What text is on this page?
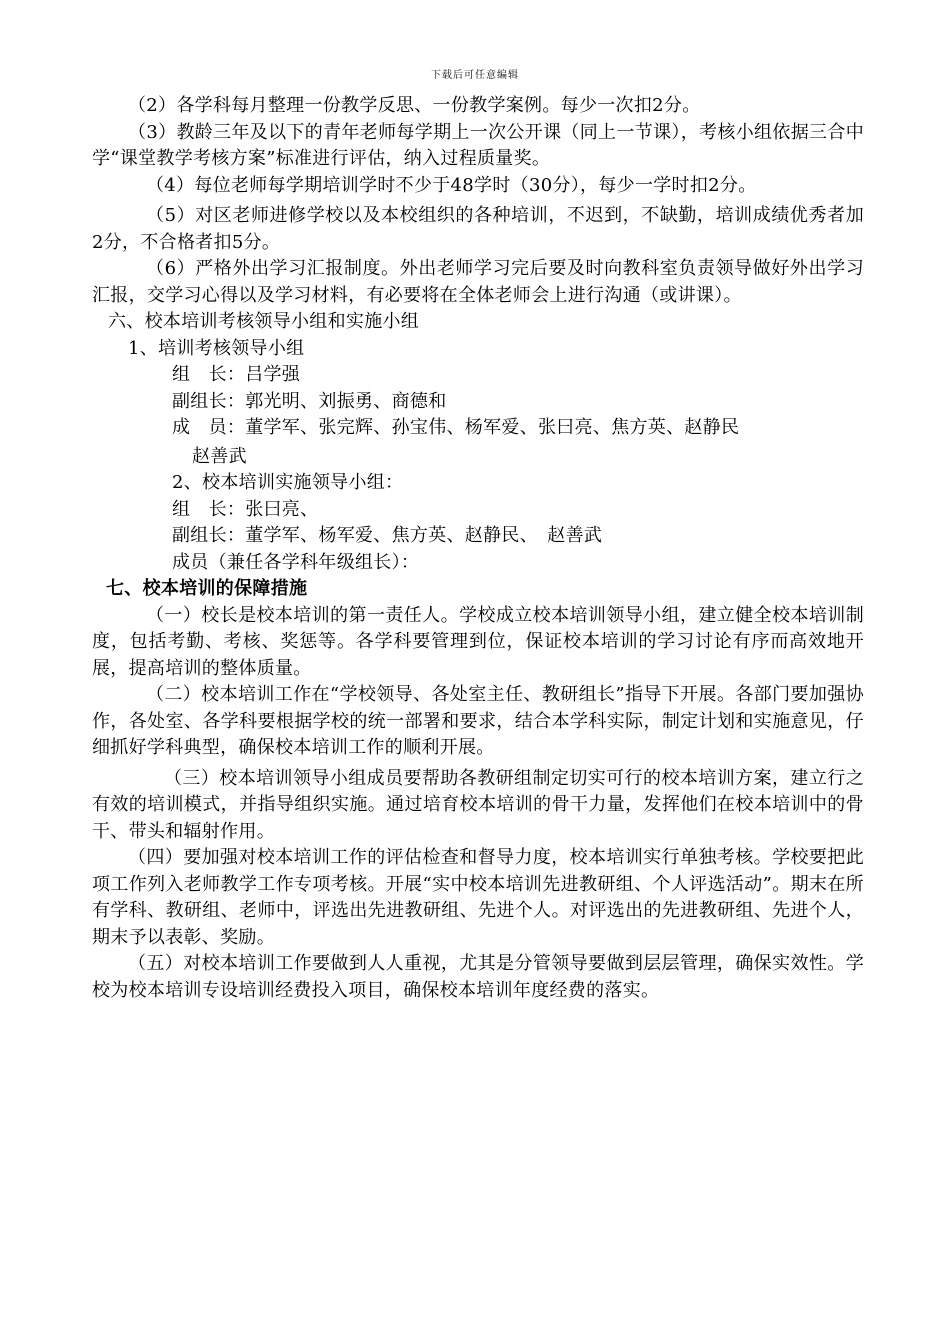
下载后可任意编辑

（2）各学科每月整理一份教学反思、一份教学案例。每少一次扣2分。

（3）教龄三年及以下的青年老师每学期上一次公开课（同上一节课），考核小组依据三合中学“课堂教学考核方案”标准进行评估，纳入过程质量奖。

（4）每位老师每学期培训学时不少于48学时（30分），每少一学时扣2分。

（5）对区老师进修学校以及本校组织的各种培训，不迟到，不缺勤，培训成绩优秀者加2分，不合格者扣5分。

（6）严格外出学习汇报制度。外出老师学习完后要及时向教科室负责领导做好外出学习汇报，交学习心得以及学习材料，有必要将在全体老师会上进行沟通（或讲课）。

六、校本培训考核领导小组和实施小组

1、培训考核领导小组

组　长：吕学强

副组长：郭光明、刘振勇、商德和

成　员：董学军、张完辉、孙宝伟、杨军爱、张曰亮、焦方英、赵静民

赵善武

2、校本培训实施领导小组：

组　长：张曰亮、

副组长：董学军、杨军爱、焦方英、赵静民、　赵善武

成员（兼任各学科年级组长）：

七、校本培训的保障措施

（一）校长是校本培训的第一责任人。学校成立校本培训领导小组，建立健全校本培训制度，包括考勤、考核、奖惩等。各学科要管理到位，保证校本培训的学习讨论有序而高效地开展，提高培训的整体质量。

（二）校本培训工作在“学校领导、各处室主任、教研组长”指导下开展。各部门要加强协作，各处室、各学科要根据学校的统一部署和要求，结合本学科实际，制定计划和实施意见，仔细抓好学科典型，确保校本培训工作的顺利开展。

（三）校本培训领导小组成员要帮助各教研组制定切实可行的校本培训方案，建立行之有效的培训模式，并指导组织实施。通过培育校本培训的骨干力量，发挥他们在校本培训中的骨干、带头和辐射作用。

（四）要加强对校本培训工作的评估检查和督导力度，校本培训实行单独考核。学校要把此项工作列入老师教学工作专项考核。开展“实中校本培训先进教研组、个人评选活动”。期末在所有学科、教研组、老师中，评选出先进教研组、先进个人。对评选出的先进教研组、先进个人，期末予以表彰、奖励。

（五）对校本培训工作要做到人人重视，尤其是分管领导要做到层层管理，确保实效性。学校为校本培训专设培训经费投入项目，确保校本培训年度经费的落实。
